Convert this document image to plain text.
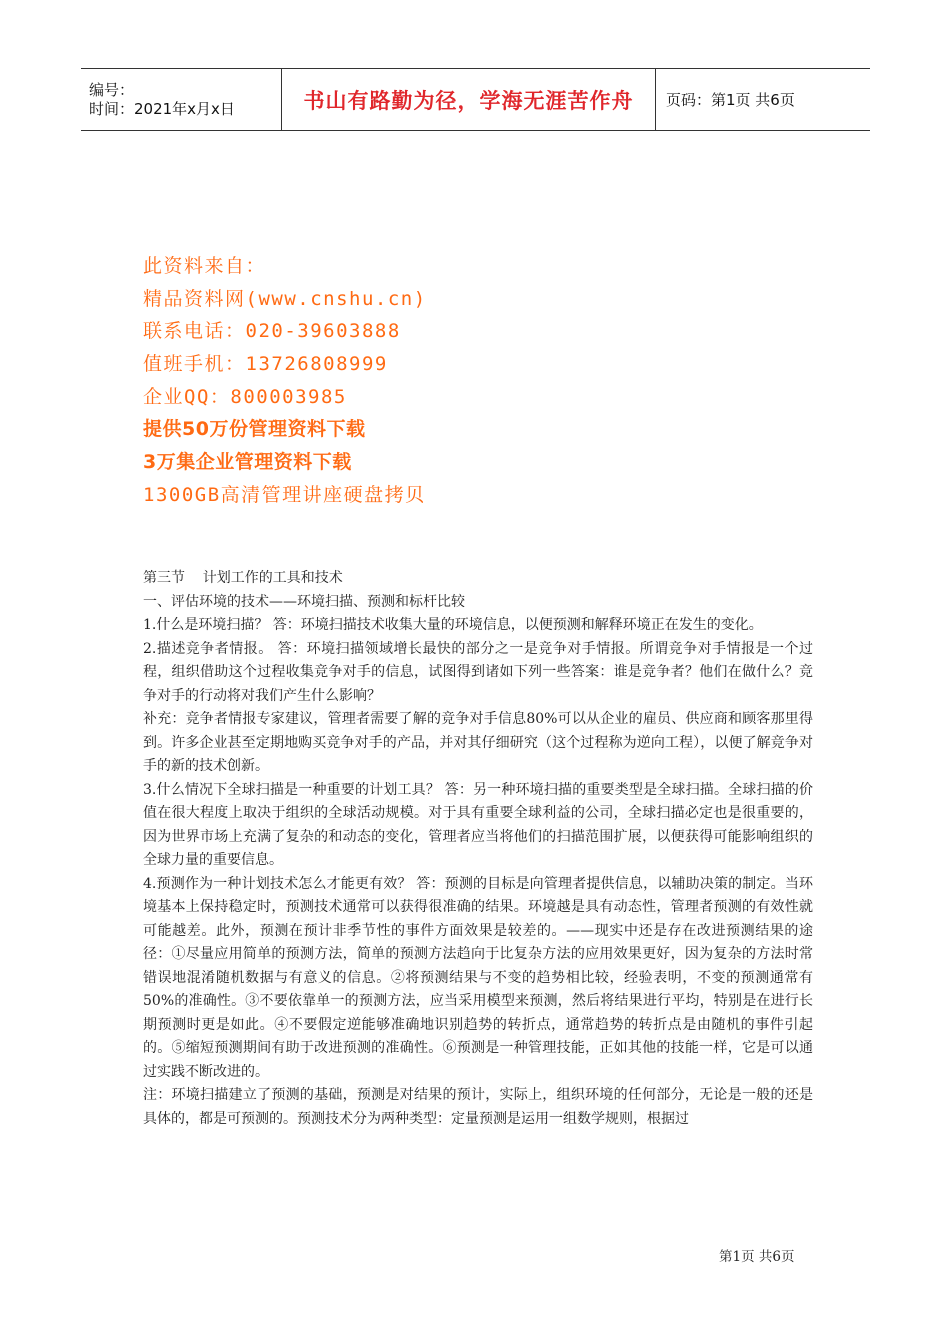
编号：
时间：2021年x月x日	书山有路勤为径，学海无涯苦作舟 页码：第1页 共6页
此资料来自：
精品资料网(www.cnshu.cn)
联系电话：020-39603888
值班手机：13726808999
企业QQ：800003985
提供50万份管理资料下载
3万集企业管理资料下载
1300GB高清管理讲座硬盘拷贝

第三节    计划工作的工具和技术

一、评估环境的技术——环境扫描、预测和标杆比较

1.什么是环境扫描？ 答：环境扫描技术收集大量的环境信息，以便预测和解释环境正在发生的变化。

2.描述竞争者情报。 答：环境扫描领域增长最快的部分之一是竞争对手情报。所谓竞争对手情报是一个过程，组织借助这个过程收集竞争对手的信息，试图得到诸如下列一些答案：谁是竞争者？他们在做什么？竞争对手的行动将对我们产生什么影响？

补充：竞争者情报专家建议，管理者需要了解的竞争对手信息80%可以从企业的雇员、供应商和顾客那里得到。许多企业甚至定期地购买竞争对手的产品，并对其仔细研究（这个过程称为逆向工程），以便了解竞争对手的新的技术创新。

3.什么情况下全球扫描是一种重要的计划工具？ 答：另一种环境扫描的重要类型是全球扫描。全球扫描的价值在很大程度上取决于组织的全球活动规模。对于具有重要全球利益的公司，全球扫描必定也是很重要的，因为世界市场上充满了复杂的和动态的变化，管理者应当将他们的扫描范围扩展，以便获得可能影响组织的全球力量的重要信息。

4.预测作为一种计划技术怎么才能更有效？ 答：预测的目标是向管理者提供信息，以辅助决策的制定。当环境基本上保持稳定时，预测技术通常可以获得很准确的结果。环境越是具有动态性，管理者预测的有效性就可能越差。此外，预测在预计非季节性的事件方面效果是较差的。——现实中还是存在改进预测结果的途径：①尽量应用简单的预测方法，简单的预测方法趋向于比复杂方法的应用效果更好，因为复杂的方法时常错误地混淆随机数据与有意义的信息。②将预测结果与不变的趋势相比较，经验表明，不变的预测通常有50%的准确性。③不要依靠单一的预测方法，应当采用模型来预测，然后将结果进行平均，特别是在进行长期预测时更是如此。④不要假定逆能够准确地识别趋势的转折点，通常趋势的转折点是由随机的事件引起的。⑤缩短预测期间有助于改进预测的准确性。⑥预测是一种管理技能，正如其他的技能一样，它是可以通过实践不断改进的。

注：环境扫描建立了预测的基础，预测是对结果的预计，实际上，组织环境的任何部分，无论是一般的还是具体的，都是可预测的。预测技术分为两种类型：定量预测是运用一组数学规则，根据过

第1页 共6页
